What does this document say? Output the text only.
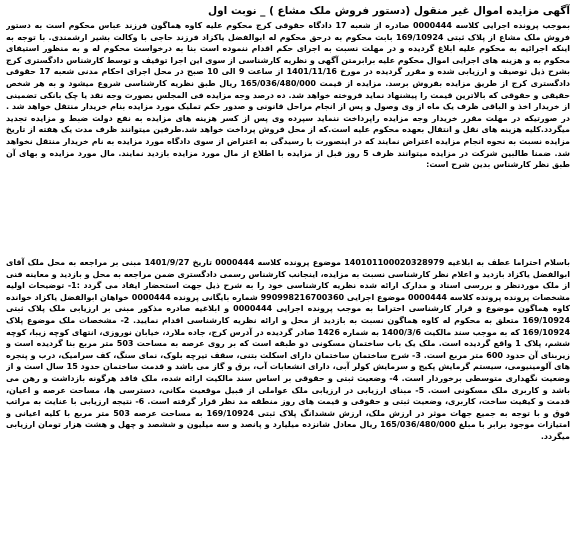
آگهی مزایده اموال غیر منقول (دستور فروش ملک مشاع ) _ نوبت اول

بموجب پرونده اجرایی کلاسه 0000444 صادره از شعبه 17 دادگاه حقوقی کرج محکوم علیه کاوه هماگون فرزند عباس محکوم است به دستور فروش ملک مشاع از پلاک ثبتی 169/10924 بابت محکوم به درحق محکوم له ابوالفضل یاکزاد فرزند حاجی با وکالت بشیر ارشمندی. با توجه به اینکه اجرائیه به محکوم علیه ابلاغ گردیده و در مهلت نسبت به اجرای حکم اقدام ننموده است بنا به درخواست محکوم له و به منظور استیفای محکوم به و هزینه های اجرایی اموال محکوم علیه برابرمتن آگهی و نظریه کارشناسی از سوی این اجرا توقیف و توسط کارشناس دادگستری کرج بشرح ذیل توصیف و ارزیابی شده و مقرر گردیده در مورخ 1401/11/16 از ساعت 9 الی 10 صبح در محل اجرای احکام مدنی شعبه 17 حقوقی دادگستری کرج از طریق مزایده بفروش برسد. مزایده از قیمت 165/036/480/000 ریال طبق نظریه کارشناسی شروع میشود و به هر شخص حقیقی و حقوقی که بالاترین قیمت را پیشنهاد نماید فروخته خواهد شد. ده درصد وجه مزایده فی المجلس بصورت وجه نقد یا چک بانکی تضمینی از خریدار اخذ و الباقی ظرف یک ماه از وی وصول و پس از انجام مراحل قانونی و صدور حکم تملیک مورد مزایده بنام خریدار منتقل خواهد شد . در صورتیکه در مهلت مقرر خریدار وجه مزایده راپرداخت ننماید سپرده وی پس از کسر هزینه های مزایده به نفع دولت ضبط و مزایده تجدید میگردد.کلیه هزینه های نقل و انتقال بعهده محکوم علیه است.که از محل فروش پرداخت خواهد شد.طرفین میتوانند ظرف مدت یک هفته از تاریخ مزایده نسبت به نحوه انجام مزایده اعتراض نمایند که در اینصورت با رسیدگی به اعتراض از سوی دادگاه مورد مزایده به نام خریدار منتقل نخواهد شد. ضمنا طالبین شرکت در مزایده میتوانند ظرف 5 روز قبل از مزایده با اطلاع از مال مورد مزایده بازدید نمایند. مال مورد مزایده و بهای آن طبق نظر کارشناس بدین شرح است:

باسلام احتراما عطف به ابلاغیه 140101100020328979 موضوع پرونده کلاسه 0000444 تاریخ 1401/9/27 مبنی بر مراجعه به محل ملک آقای ابوالفضل یاکزاد بازدید و اعلام نظر کارشناسی نسبت به مزایده، اینجانب کارشناس رسمی دادگستری ضمن مراجعه به محل و بازدید و معاینه فنی از ملک موردنظر و بررسی اسناد و مدارک ارائه شده نظریه کارشناسی خود را به شرح ذیل جهت استحضار ایفاد می گردد :1- توضیحات اولیه مشخصات پرونده پرونده کلاسه 0000444 موضوع اجرایی 990998216700360 شماره بایگانی پرونده 0000444 خواهان ابوالفضل یاکزاد خوانده کاوه هماگون موضوع و قرار کارشناسی احتراما به موجب پرونده اجرایی 0000444 و ابلاغیه صادره مذکور مبنی بر ارزیابی ملک پلاک ثبتی 169/10924 متعلق به محکوم له کاوه هماگون نسبت به بازدید از محل و ارائه نظریه کارشناسی اقدام نمایید. 2- مشخصات ملک موضوع پلاک 169/10924 که به موجب سند مالکیت 1400/3/6 به شماره 1426 صادر گردیده در آدرس کرج، جاده ملارد، خیابان نوروزی، انتهای کوچه زیبا، کوچه ششم، پلاک 1 واقع گردیده است. ملک یک باب ساختمان مسکونی دو طبقه است که بر روی عرصه به مساحت 503 متر مربع بنا گردیده است و زیربنای آن حدود 600 متر مربع است. 3- شرح ساختمان ساختمان دارای اسکلت بتنی، سقف تیرچه بلوک، نمای سنگ، کف سرامیک، درب و پنجره های آلومینیومی، سیستم گرمایش پکیج و سرمایش کولر آبی، دارای انشعابات آب، برق و گاز می باشد و قدمت ساختمان حدود 15 سال است و از وضعیت نگهداری متوسطی برخوردار است. 4- وضعیت ثبتی و حقوقی بر اساس سند مالکیت ارائه شده، ملک فاقد هرگونه بازداشت و رهن می باشد و کاربری ملک مسکونی است. 5- مبنای ارزیابی در ارزیابی ملک عواملی از قبیل موقعیت مکانی، دسترسی ها، مساحت عرصه و اعیان، قدمت و کیفیت ساخت، کاربری، وضعیت ثبتی و حقوقی و قیمت های روز منطقه مد نظر قرار گرفته است. 6- نتیجه ارزیابی با عنایت به مراتب فوق و با توجه به جمیع جهات موثر در ارزش ملک، ارزش ششدانگ پلاک ثبتی 169/10924 به مساحت عرصه 503 متر مربع با کلیه اعیانی و امتیازات موجود برابر با مبلغ 165/036/480/000 ریال معادل شانزده میلیارد و پانصد و سه میلیون و ششصد و چهل و هشت هزار تومان ارزیابی میگردد.
